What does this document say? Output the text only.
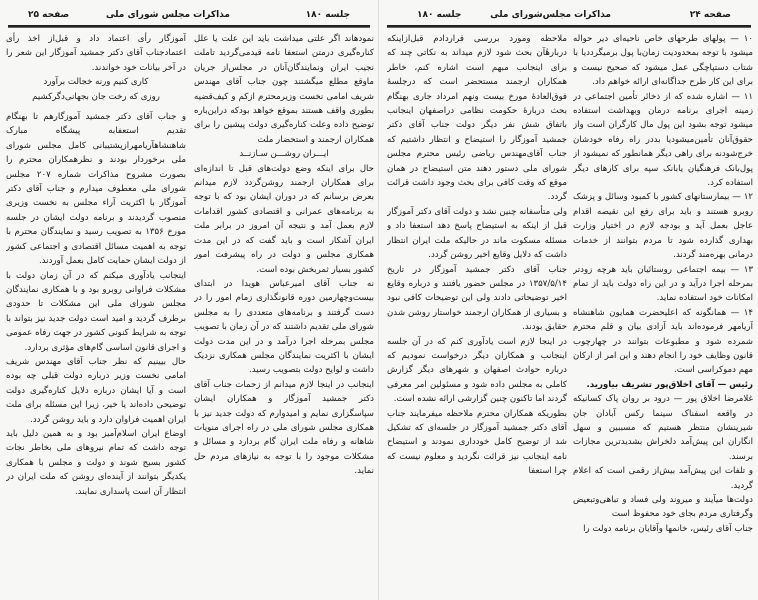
جلسه ۱۸۰
مذاکرات مجلس شورای ملی
صفحه ۲۵

نمودهاند اگر علتی میداشت باید این علت یا علل کناره‌گیری درمتن استعفا نامه قیدمی‌گردید تاملت نجیب ایران ونمایندگان‌آنان در مجلس‌از جریان ماوقع مطلع میگشتند چون جناب آقای مهندس شریف امامی نخست وزیرمحترم ازکم و کیف‌قضیه بطوری واقف هستند بموقع خواهد بودکه دراین‌باره توضیح داده وعلت کناره‌گیری دولت پیشین را برای همکاران ارجمند و استحضار ملت

ایـــران روشـــن سـازنــد

حال برای اینکه وضع دولت‌های قبل تا اندازه‌ای برای همکاران ارجمند روشن‌گردد لازم میدانم بعرض برسانم که در دوران ایشان بود که با توجه به برنامه‌های عمرانی و اقتصادی کشور اقدامات لازم بعمل آمد و نتیجه آن امروز در برابر ملت ایران آشکار است و باید گفت که در این مدت همکاری مجلس و دولت در راه پیشرفت امور کشور بسیار ثمربخش بوده است.

نه جناب آقای امیرعباس هویدا در ابتدای بیست‌وچهارمین دوره قانونگذاری زمام امور را در دست گرفتند و برنامه‌های متعددی را به مجلس شورای ملی تقدیم داشتند که در آن زمان با تصویب مجلس بمرحله اجرا درآمد و در این مدت دولت ایشان با اکثریت نمایندگان مجلس همکاری نزدیک داشت و لوایح دولت بتصویب رسید.

اینجانب در اینجا لازم میدانم از زحمات جناب آقای دکتر جمشید آموزگار و همکاران ایشان سپاسگزاری نمایم و امیدوارم که دولت جدید نیز با همکاری مجلس شورای ملی در راه اجرای منویات شاهانه و رفاه ملت ایران گام بردارد و مسائل و مشکلات موجود را با توجه به نیازهای مردم حل نماید.

آموزگار رأی اعتماد داد و قبل‌از اخذ رأی اعتمادجناب آقای دکتر جمشید آموزگار این شعر را در آخر بیانات خود خواندند.

کاری کنیم ورنه خجالت برآورد

روزی که رخت جان بجهانی‌دگرکشیم

و جناب آقای دکتر جمشید آموزگارهم تا بهنگام تقدیم استعفابه پیشگاه مبارک شاهنشاهآریامهرازپشتیبانی کامل مجلس شورای ملی برخوردار بودند و نظرهمکاران محترم را بصورت مشروح مذاکرات شماره ۲۰۷ مجلس شورای ملی معطوف میدارم و جناب آقای دکتر آموزگار با اکثریت آراء مجلس به نخست وزیری منصوب گردیدند و برنامه دولت ایشان در جلسه مورخ ۱۳۵۶ به تصویب رسید و نمایندگان محترم با توجه به اهمیت مسائل اقتصادی و اجتماعی کشور از دولت ایشان حمایت کامل بعمل آوردند.

اینجانب یادآوری میکنم که در آن زمان دولت با مشکلات فراوانی روبرو بود و با همکاری نمایندگان مجلس شورای ملی این مشکلات تا حدودی برطرف گردید و امید است دولت جدید نیز بتواند با توجه به شرایط کنونی کشور در جهت رفاه عمومی و اجرای قانون اساسی گام‌های مؤثری بردارد.

حال بیینیم که نظر جناب آقای مهندس شریف امامی نخست وزیر درباره دولت قبلی چه بوده است و آیا ایشان درباره دلایل کناره‌گیری دولت توضیحی داده‌اند یا خیر، زیرا این مسئله برای ملت ایران اهمیت فراوان دارد و باید روشن گردد.

اوضاع ایران اسلام‌آمیز بود و به همین دلیل باید توجه داشت که تمام نیروهای ملی بخاطر نجات کشور بسیج شوند و دولت و مجلس با همکاری یکدیگر بتوانند از آینده‌ای روشن که ملت ایران در انتظار آن است پاسداری نمایند.

صفحه ۲۴
مذاکرات مجلس‌شورای ملی
جلسه ۱۸۰

۱۰ — پولهای طرحهای خاص ناحیه‌ای دیر حواله میشود با توجه بمحدودیت زمان‌با پول برمیگرددیا با شتاب دستپاچگی عمل میشود که صحیح نیست و برای این کار طرح جداگانه‌ای ارائه خواهم داد.

۱۱ — اشاره شده که از ذخائر تأمین اجتماعی در زمینه اجرای برنامه درمان وبهداشت استفاده میشود توجه بشود این پول مال کارگران است واز حقوق‌آنان تأمین‌میشودیا بددر راه رفاه خودشان خرج‌شودنه برای راهی دیگر همانطور که نمیشود از پول‌بانک فرهنگیان یابانک سپه برای کارهای دیگر استفاده کرد.

۱۲ — بیمارستانهای کشور با کمبود وسائل و پزشک روبرو هستند و باید برای رفع این نقیصه اقدام عاجل بعمل آید و بودجه لازم در اختیار وزارت بهداری گذارده شود تا مردم بتوانند از خدمات درمانی بهره‌مند گردند.

۱۳ — بیمه اجتماعی روستائیان باید هرچه زودتر بمرحله اجرا درآید و در این راه دولت باید از تمام امکانات خود استفاده نماید.

۱۴ — همانگونه که اعلیحضرت همایون شاهنشاه آریامهر فرموده‌اند باید آزادی بیان و قلم محترم شمرده شود و مطبوعات بتوانند در چهارچوب قانون وظایف خود را انجام دهند و این امر از ارکان مهم دموکراسی است.

رئیس — آقای اخلاق‌پور تشریف بیاورید.

غلامرضا اخلاق پور — درود بر روان پاک کسانیکه در واقعه اسفناک سینما رکس آبادان جان شیرینشان منتظر هستیم که مسببین و سهل انگاران این پیش‌آمد دلخراش بشدیدترین مجازات برسند.

و تلفات این پیش‌آمد بیش‌از رقمی است که اعلام گردید.

دولت‌ها میآیند و میروند ولی فساد و تباهی‌وتبعیض وگرفتاری مردم بجای خود محفوظ است

جناب آقای رئیس، خانمها وآقایان برنامه دولت را

ملاحظه ومورد بررسی قراردادم قبل‌ازاینکه دربارهٔآن بحث شود لازم میداند به نکاتی چند که برای اینجانب مبهم است اشاره کنم، خاطر همکاران ارجمند مستحضر است که درجلسهٔ فوق‌العادهٔ مورخ بیست ونهم امرداد جاری بهنگام بحث دربارهٔ حکومت نظامی دراصفهان اینجانب باتفاق شش نفر دیگر دولت جناب آقای دکتر جمشید آموزگار را استیضاح و انتظار داشتیم که جناب آقای‌مهندس ریاضی رئیس محترم مجلس شورای ملی دستور دهند متن استیضاح در همان موقع که وقت کافی برای بحث وجود داشت قرائت گردد.

ولی متأسفانه چنین نشد و دولت آقای دکتر آموزگار قبل از اینکه به استیضاح پاسخ دهد استعفا داد و مسئله مسکوت ماند در حالیکه ملت ایران انتظار داشت که دلایل وقایع اخیر روشن گردد.

جناب آقای دکتر جمشید آموزگار در تاریخ ۱۳۵۷/۵/۱۴ در مجلس حضور یافتند و درباره وقایع اخیر توضیحاتی دادند ولی این توضیحات کافی نبود و بسیاری از همکاران ارجمند خواستار روشن شدن حقایق بودند.

در اینجا لازم است یادآوری کنم که در آن جلسه اینجانب و همکاران دیگر درخواست نمودیم که درباره حوادث اصفهان و شهرهای دیگر گزارش کاملی به مجلس داده شود و مسئولین امر معرفی گردند اما تاکنون چنین گزارشی ارائه نشده است.

بطوریکه همکاران محترم ملاحظه میفرمایند جناب آقای دکتر جمشید آموزگار در جلسه‌ای که تشکیل شد از توضیح کامل خودداری نمودند و استیضاح نامه اینجانب نیز قرائت نگردید و معلوم نیست که چرا استعفا
